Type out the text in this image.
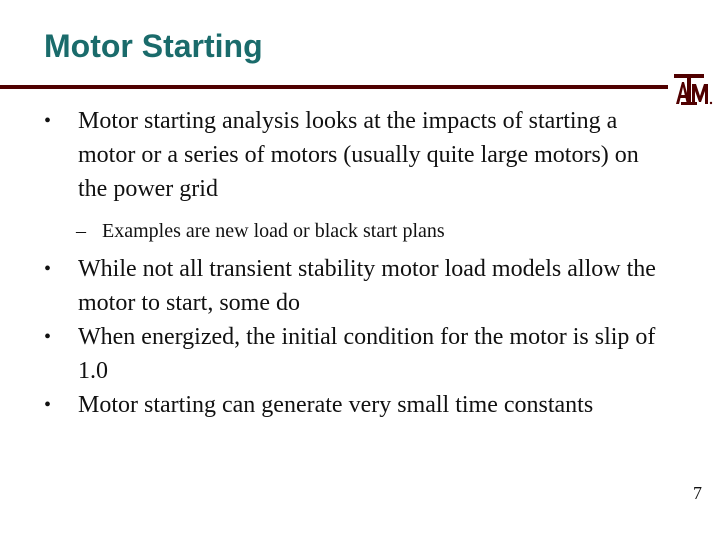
Motor Starting
• Motor starting analysis looks at the impacts of starting a motor or a series of motors (usually quite large motors) on the power grid
– Examples are new load or black start plans
• While not all transient stability motor load models allow the motor to start, some do
• When energized, the initial condition for the motor is slip of 1.0
• Motor starting can generate very small time constants
7
